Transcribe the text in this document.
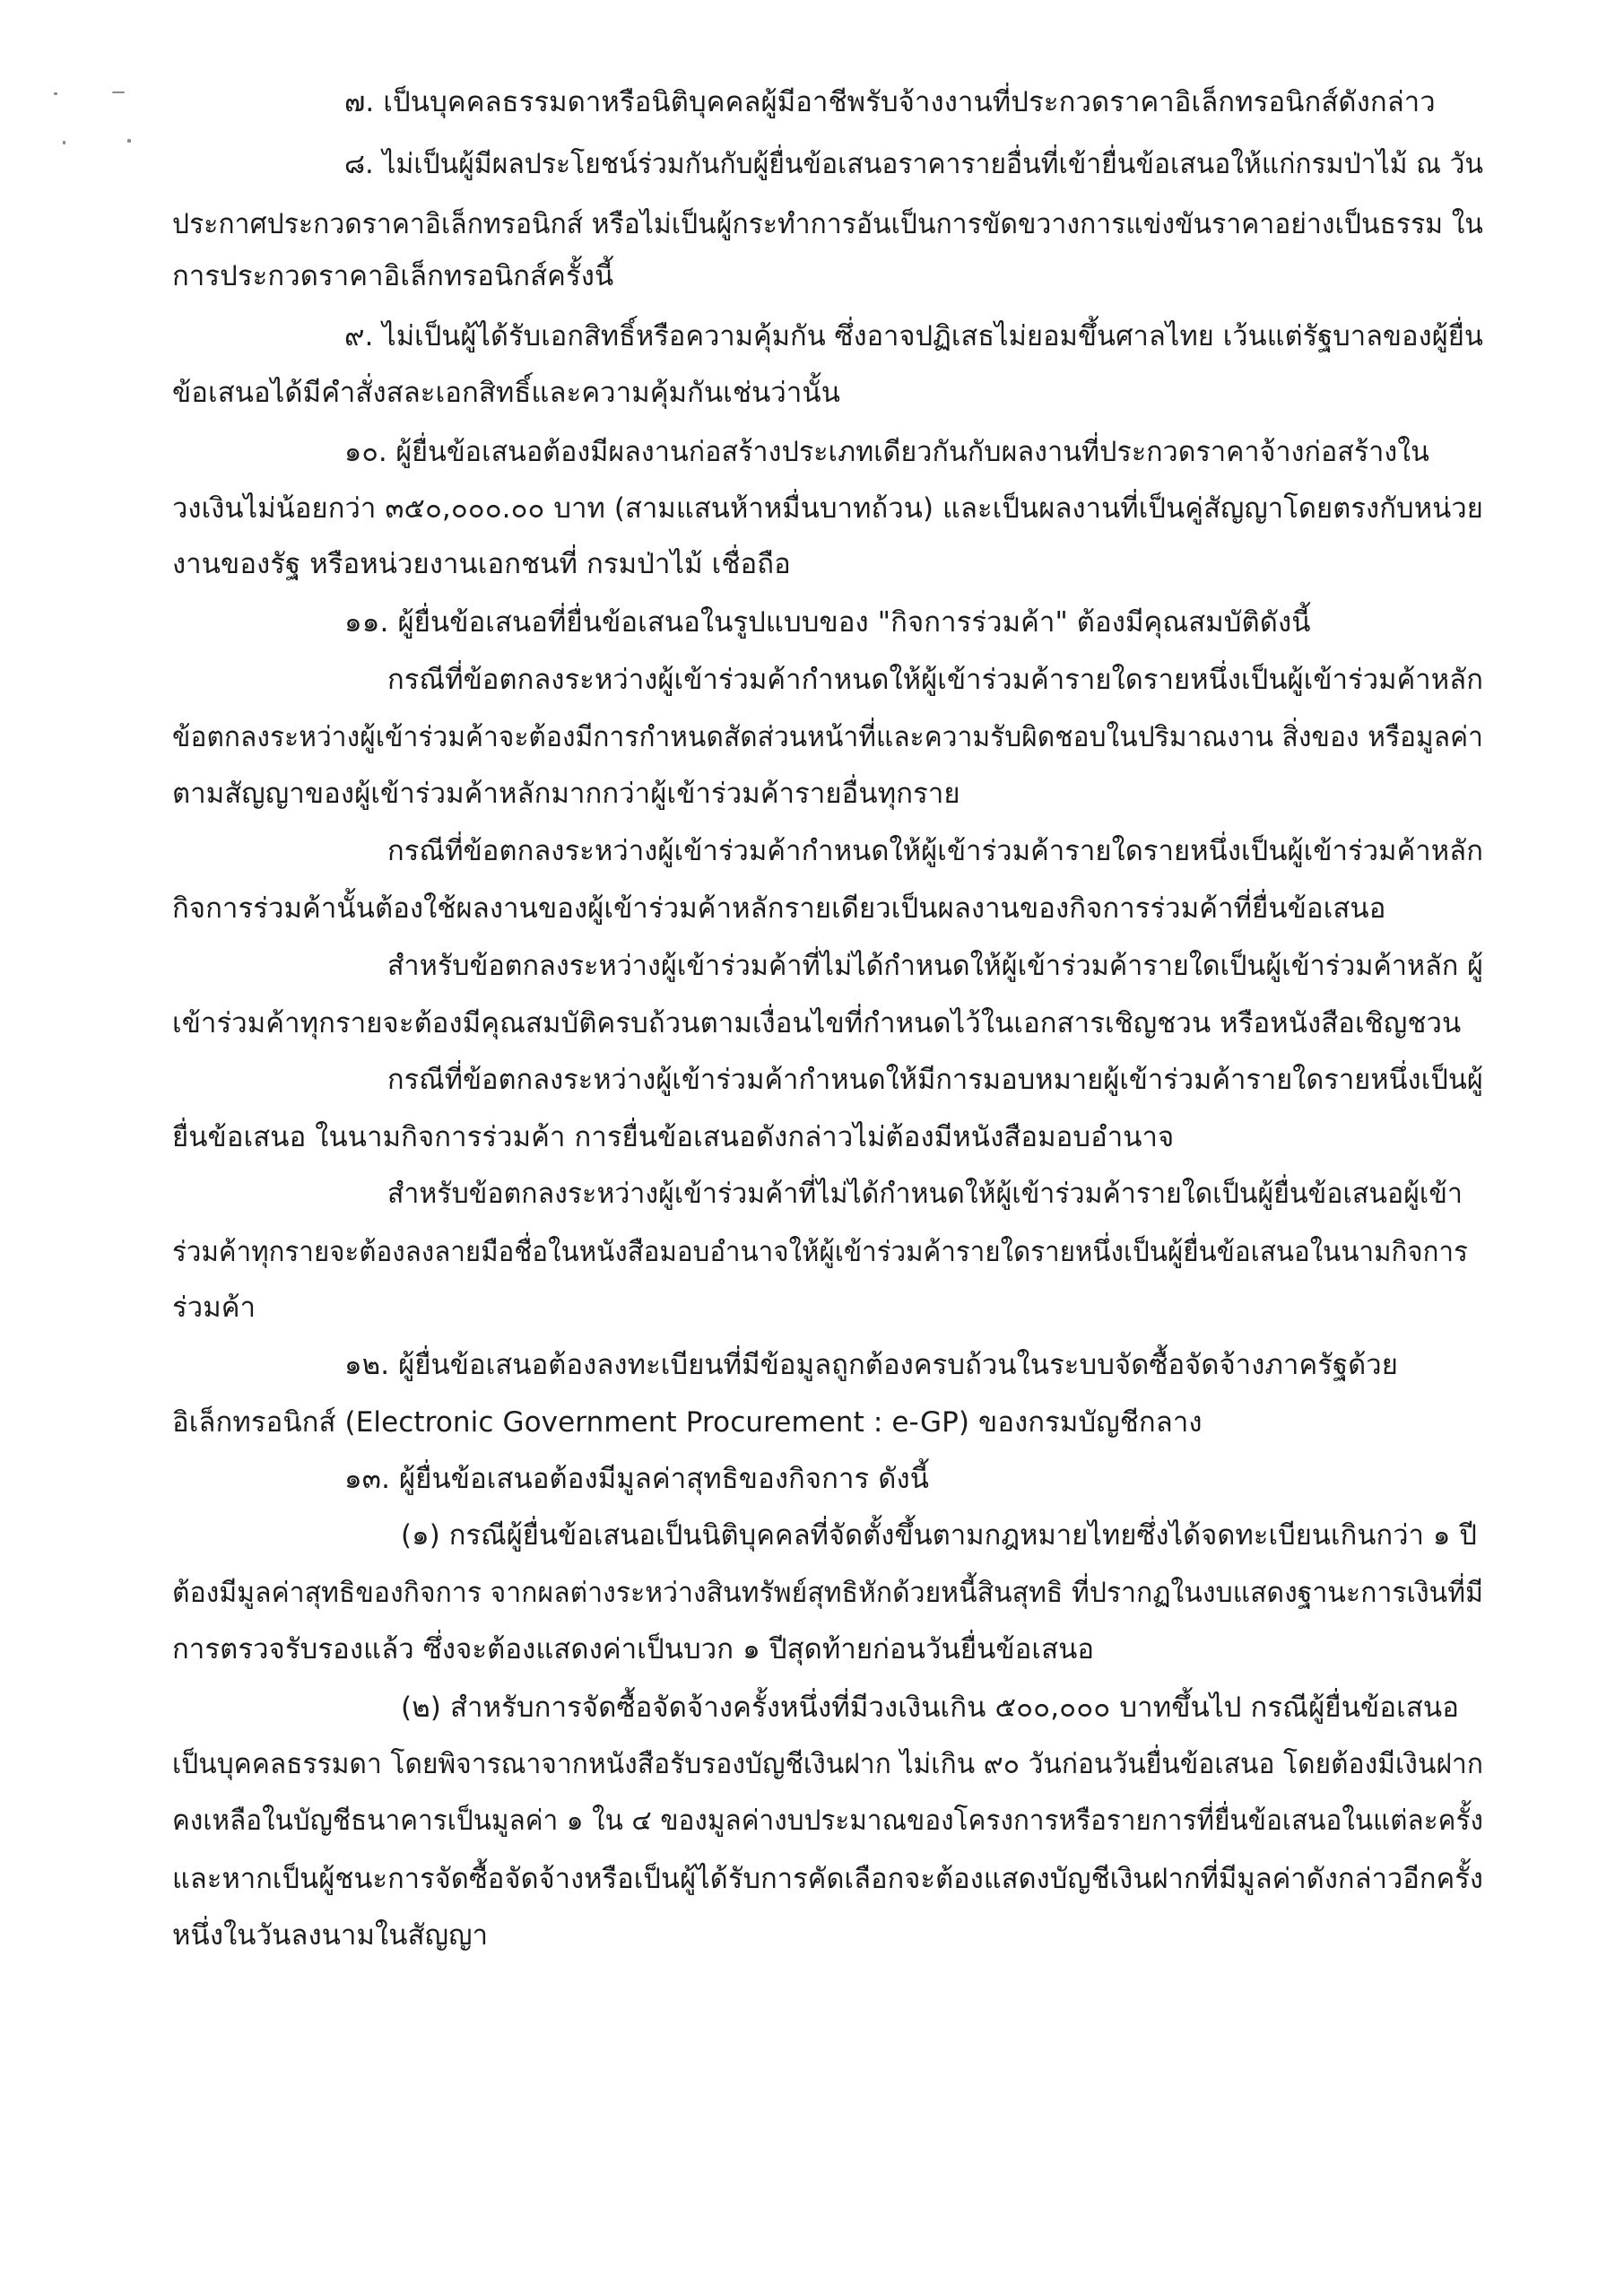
๗. เป็นบุคคลธรรมดาหรือนิติบุคคลผู้มีอาชีพรับจ้างงานที่ประกวดราคาอิเล็กทรอนิกส์ดังกล่าว
๘. ไม่เป็นผู้มีผลประโยชน์ร่วมกันกับผู้ยื่นข้อเสนอราคารายอื่นที่เข้ายื่นข้อเสนอให้แก่กรมป่าไม้ ณ วัน
ประกาศประกวดราคาอิเล็กทรอนิกส์ หรือไม่เป็นผู้กระทำการอันเป็นการขัดขวางการแข่งขันราคาอย่างเป็นธรรม ใน
การประกวดราคาอิเล็กทรอนิกส์ครั้งนี้
๙. ไม่เป็นผู้ได้รับเอกสิทธิ์หรือความคุ้มกัน ซึ่งอาจปฏิเสธไม่ยอมขึ้นศาลไทย เว้นแต่รัฐบาลของผู้ยื่น
ข้อเสนอได้มีคำสั่งสละเอกสิทธิ์และความคุ้มกันเช่นว่านั้น
๑๐. ผู้ยื่นข้อเสนอต้องมีผลงานก่อสร้างประเภทเดียวกันกับผลงานที่ประกวดราคาจ้างก่อสร้างใน
วงเงินไม่น้อยกว่า ๓๕๐,๐๐๐.๐๐ บาท (สามแสนห้าหมื่นบาทถ้วน) และเป็นผลงานที่เป็นคู่สัญญาโดยตรงกับหน่วย
งานของรัฐ หรือหน่วยงานเอกชนที่ กรมป่าไม้ เชื่อถือ
๑๑. ผู้ยื่นข้อเสนอที่ยื่นข้อเสนอในรูปแบบของ "กิจการร่วมค้า" ต้องมีคุณสมบัติดังนี้
กรณีที่ข้อตกลงระหว่างผู้เข้าร่วมค้ากำหนดให้ผู้เข้าร่วมค้ารายใดรายหนึ่งเป็นผู้เข้าร่วมค้าหลัก
ข้อตกลงระหว่างผู้เข้าร่วมค้าจะต้องมีการกำหนดสัดส่วนหน้าที่และความรับผิดชอบในปริมาณงาน สิ่งของ หรือมูลค่า
ตามสัญญาของผู้เข้าร่วมค้าหลักมากกว่าผู้เข้าร่วมค้ารายอื่นทุกราย
กรณีที่ข้อตกลงระหว่างผู้เข้าร่วมค้ากำหนดให้ผู้เข้าร่วมค้ารายใดรายหนึ่งเป็นผู้เข้าร่วมค้าหลัก
กิจการร่วมค้านั้นต้องใช้ผลงานของผู้เข้าร่วมค้าหลักรายเดียวเป็นผลงานของกิจการร่วมค้าที่ยื่นข้อเสนอ
สำหรับข้อตกลงระหว่างผู้เข้าร่วมค้าที่ไม่ได้กำหนดให้ผู้เข้าร่วมค้ารายใดเป็นผู้เข้าร่วมค้าหลัก ผู้
เข้าร่วมค้าทุกรายจะต้องมีคุณสมบัติครบถ้วนตามเงื่อนไขที่กำหนดไว้ในเอกสารเชิญชวน หรือหนังสือเชิญชวน
กรณีที่ข้อตกลงระหว่างผู้เข้าร่วมค้ากำหนดให้มีการมอบหมายผู้เข้าร่วมค้ารายใดรายหนึ่งเป็นผู้
ยื่นข้อเสนอ ในนามกิจการร่วมค้า การยื่นข้อเสนอดังกล่าวไม่ต้องมีหนังสือมอบอำนาจ
สำหรับข้อตกลงระหว่างผู้เข้าร่วมค้าที่ไม่ได้กำหนดให้ผู้เข้าร่วมค้ารายใดเป็นผู้ยื่นข้อเสนอผู้เข้า
ร่วมค้าทุกรายจะต้องลงลายมือชื่อในหนังสือมอบอำนาจให้ผู้เข้าร่วมค้ารายใดรายหนึ่งเป็นผู้ยื่นข้อเสนอในนามกิจการ
ร่วมค้า
๑๒. ผู้ยื่นข้อเสนอต้องลงทะเบียนที่มีข้อมูลถูกต้องครบถ้วนในระบบจัดซื้อจัดจ้างภาครัฐด้วย
อิเล็กทรอนิกส์ (Electronic Government Procurement : e-GP) ของกรมบัญชีกลาง
๑๓. ผู้ยื่นข้อเสนอต้องมีมูลค่าสุทธิของกิจการ ดังนี้
(๑) กรณีผู้ยื่นข้อเสนอเป็นนิติบุคคลที่จัดตั้งขึ้นตามกฎหมายไทยซึ่งได้จดทะเบียนเกินกว่า ๑ ปี
ต้องมีมูลค่าสุทธิของกิจการ จากผลต่างระหว่างสินทรัพย์สุทธิหักด้วยหนี้สินสุทธิ ที่ปรากฏในงบแสดงฐานะการเงินที่มี
การตรวจรับรองแล้ว ซึ่งจะต้องแสดงค่าเป็นบวก ๑ ปีสุดท้ายก่อนวันยื่นข้อเสนอ
(๒) สำหรับการจัดซื้อจัดจ้างครั้งหนึ่งที่มีวงเงินเกิน ๕๐๐,๐๐๐ บาทขึ้นไป กรณีผู้ยื่นข้อเสนอ
เป็นบุคคลธรรมดา โดยพิจารณาจากหนังสือรับรองบัญชีเงินฝาก ไม่เกิน ๙๐ วันก่อนวันยื่นข้อเสนอ โดยต้องมีเงินฝาก
คงเหลือในบัญชีธนาคารเป็นมูลค่า ๑ ใน ๔ ของมูลค่างบประมาณของโครงการหรือรายการที่ยื่นข้อเสนอในแต่ละครั้ง
และหากเป็นผู้ชนะการจัดซื้อจัดจ้างหรือเป็นผู้ได้รับการคัดเลือกจะต้องแสดงบัญชีเงินฝากที่มีมูลค่าดังกล่าวอีกครั้ง
หนึ่งในวันลงนามในสัญญา
